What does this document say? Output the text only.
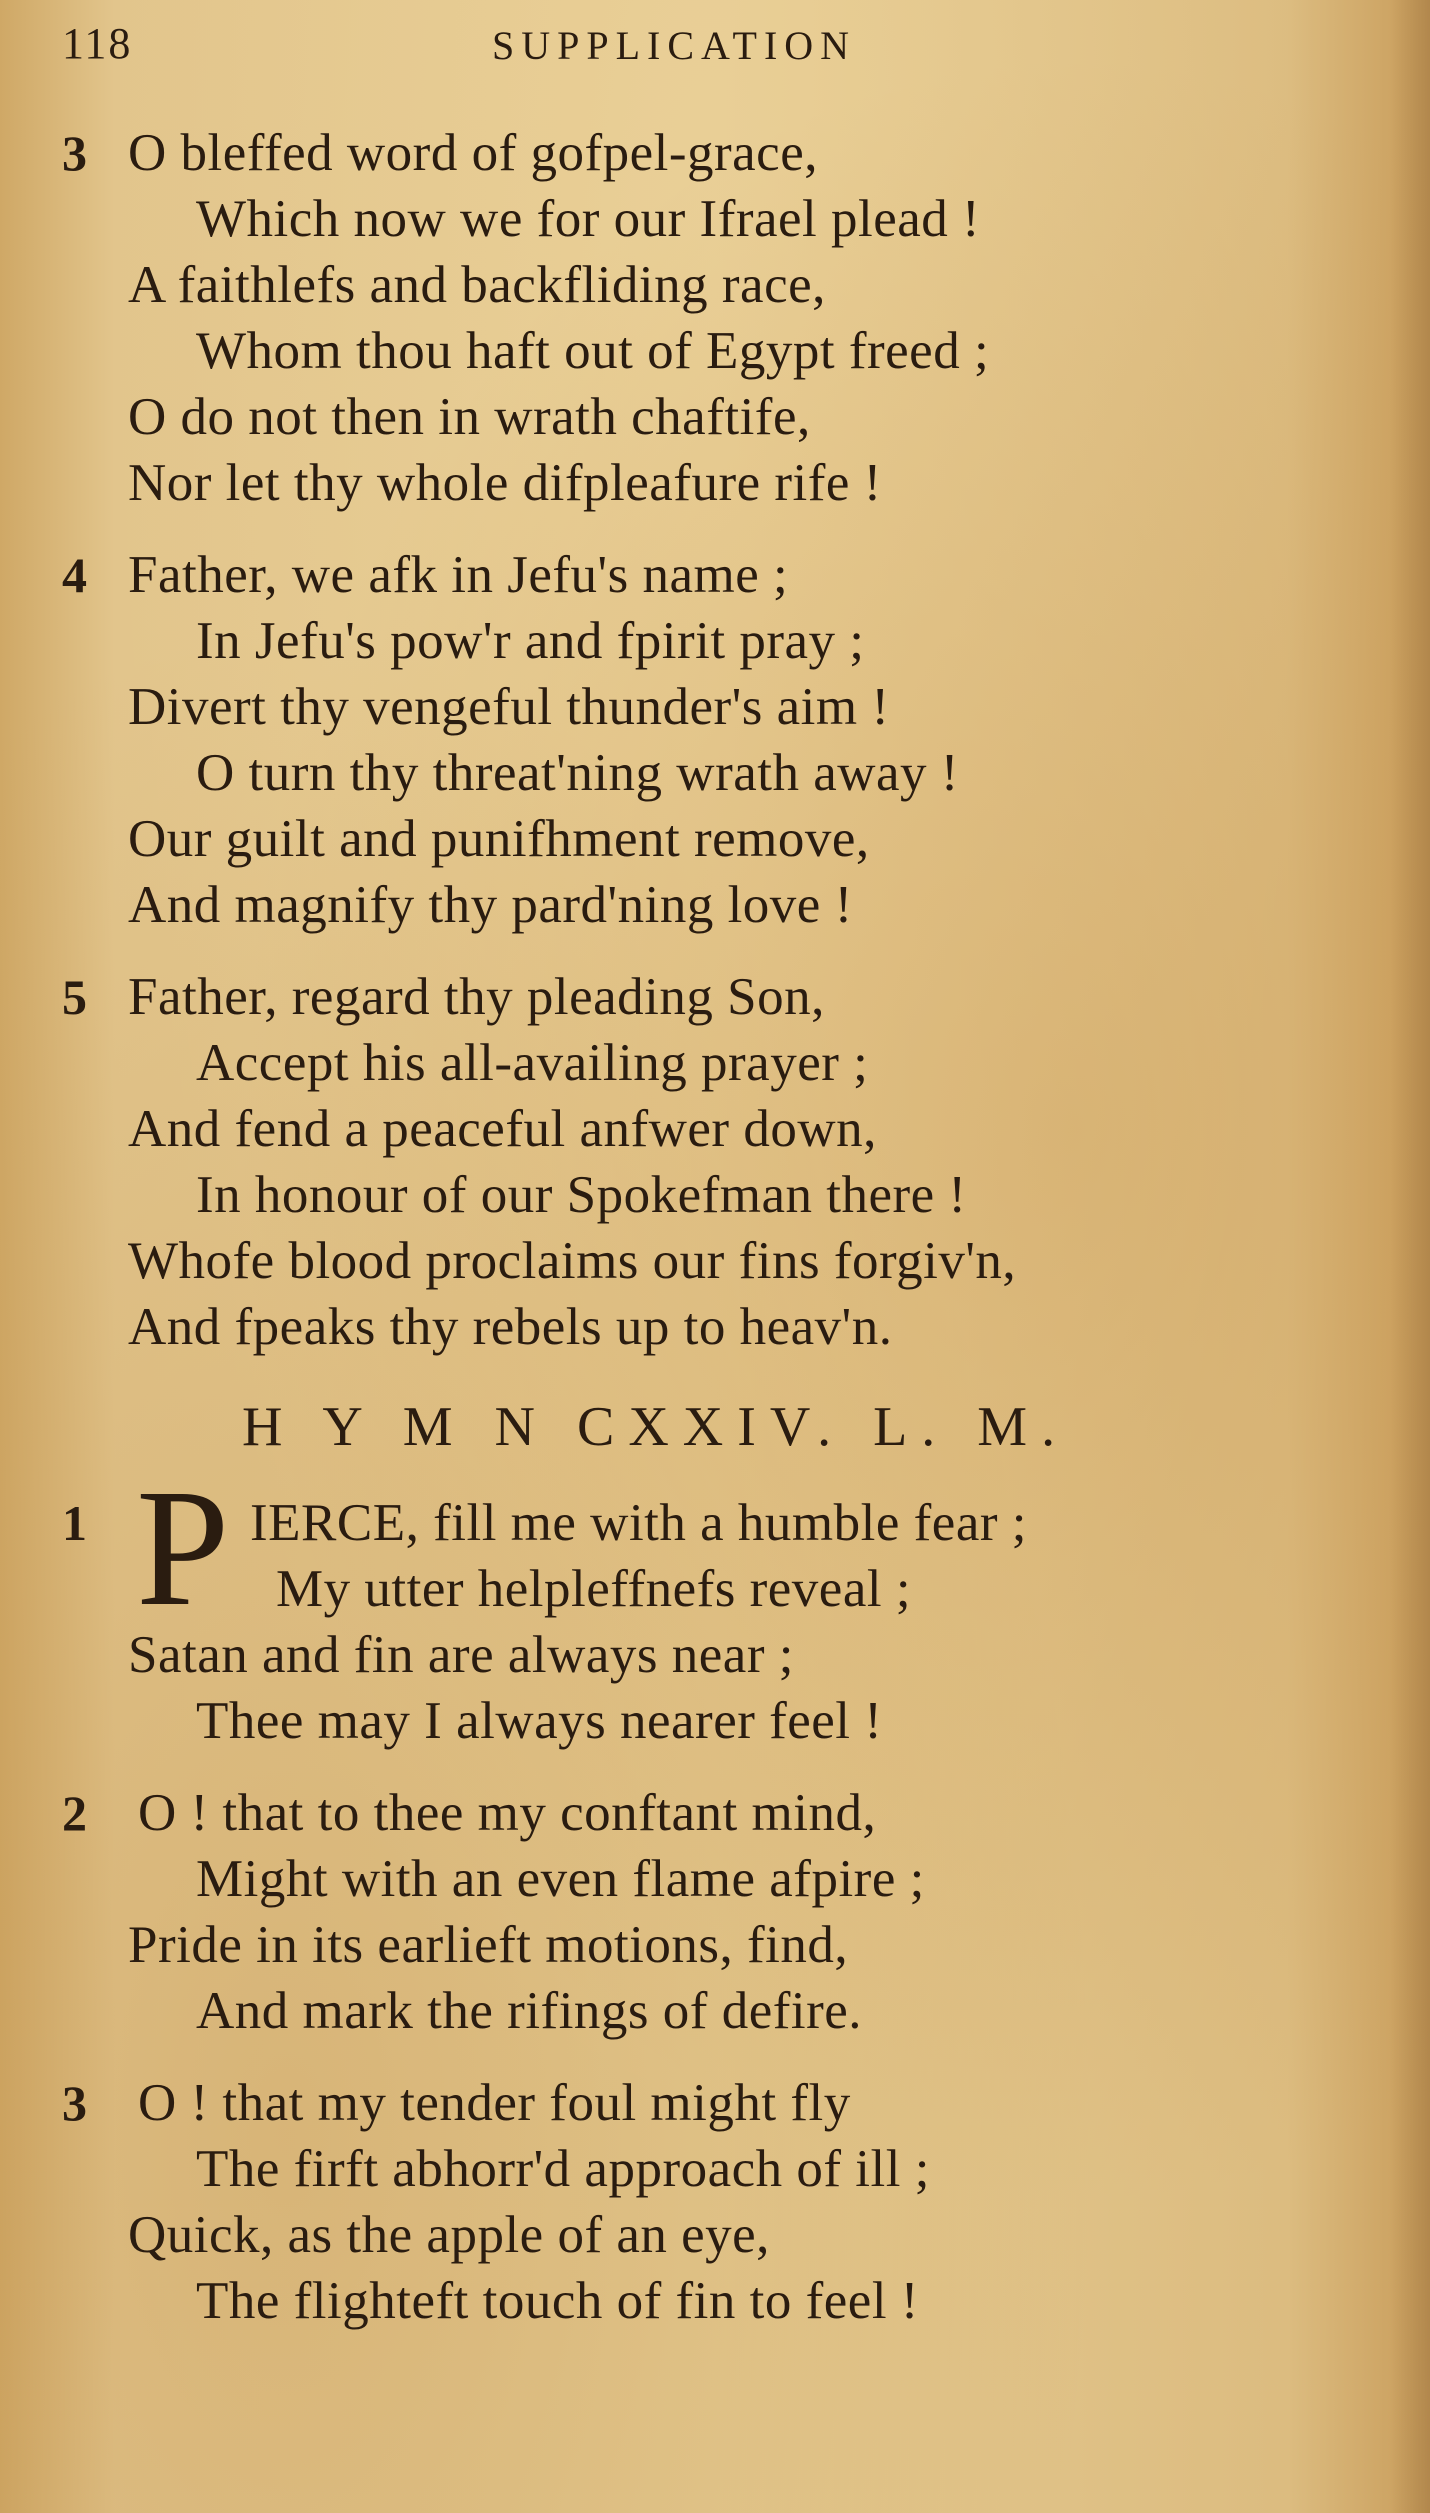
118	SUPPLICATION
3 O bleffed word of gofpel-grace,
Which now we for our Ifrael plead !
A faithlefs and backfliding race,
Whom thou haft out of Egypt freed ;
O do not then in wrath chaftife,
Nor let thy whole difpleafure rife !
4 Father, we afk in Jefu's name ;
In Jefu's pow'r and fpirit pray ;
Divert thy vengeful thunder's aim !
O turn thy threat'ning wrath away !
Our guilt and punifhment remove,
And magnify thy pard'ning love !
5 Father, regard thy pleading Son,
Accept his all-availing prayer ;
And fend a peaceful anfwer down,
In honour of our Spokefman there !
Whofe blood proclaims our fins forgiv'n,
And fpeaks thy rebels up to heav'n.
H Y M N CXXIV. L. M.
P
1	IERCE, fill me with a humble fear ;
My utter helpleffnefs reveal ;
Satan and fin are always near ;
Thee may I always nearer feel !
2 O ! that to thee my conftant mind,
Might with an even flame afpire ;
Pride in its earlieft motions, find,
And mark the rifings of defire.
3 O ! that my tender foul might fly
The firft abhorr'd approach of ill ;
Quick, as the apple of an eye,
The flighteft touch of fin to feel !
